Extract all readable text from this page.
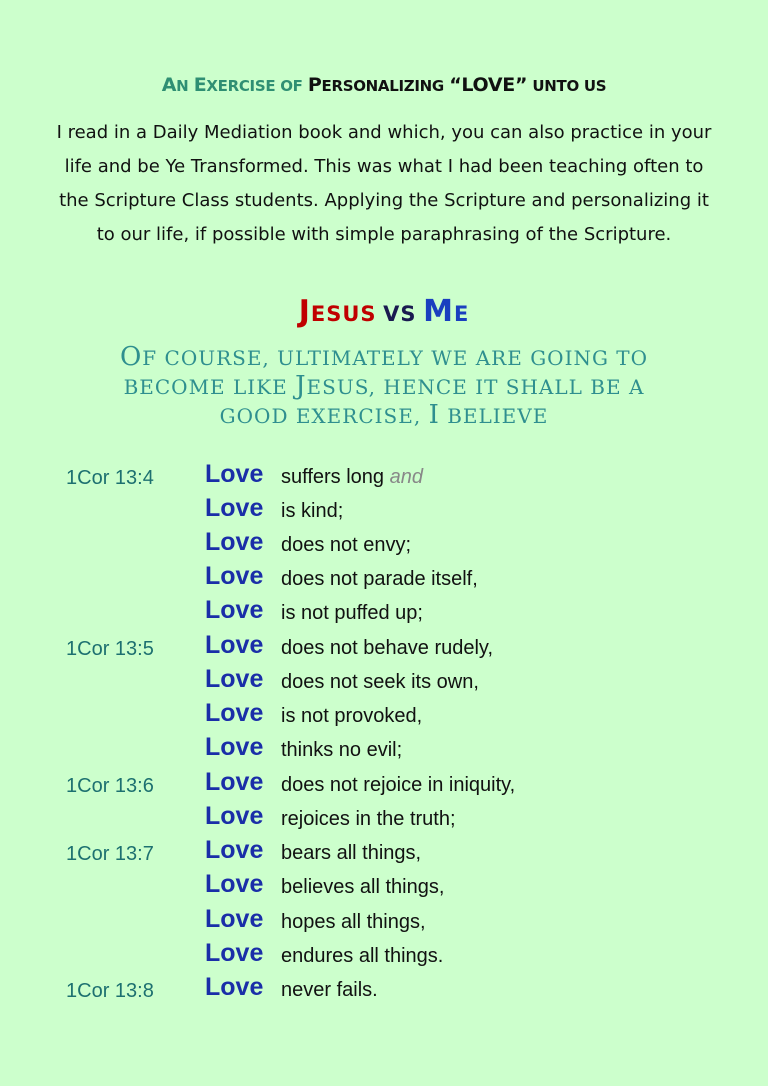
AN EXERCISE OF PERSONALIZING “LOVE” UNTO US
I read in a Daily Mediation book and which, you can also practice in your life and be Ye Transformed. This was what I had been teaching often to the Scripture Class students. Applying the Scripture and personalizing it to our life, if possible with simple paraphrasing of the Scripture.
JESUS VS ME
OF COURSE, ULTIMATELY WE ARE GOING TO
BECOME LIKE JESUS, HENCE IT SHALL BE A
GOOD EXERCISE, I BELIEVE
1Cor 13:4 Love suffers long and
Love is kind;
Love does not envy;
Love does not parade itself,
Love is not puffed up;
1Cor 13:5 Love does not behave rudely,
Love does not seek its own,
Love is not provoked,
Love thinks no evil;
1Cor 13:6 Love does not rejoice in iniquity,
Love rejoices in the truth;
1Cor 13:7 Love bears all things,
Love believes all things,
Love hopes all things,
Love endures all things.
1Cor 13:8 Love never fails.
